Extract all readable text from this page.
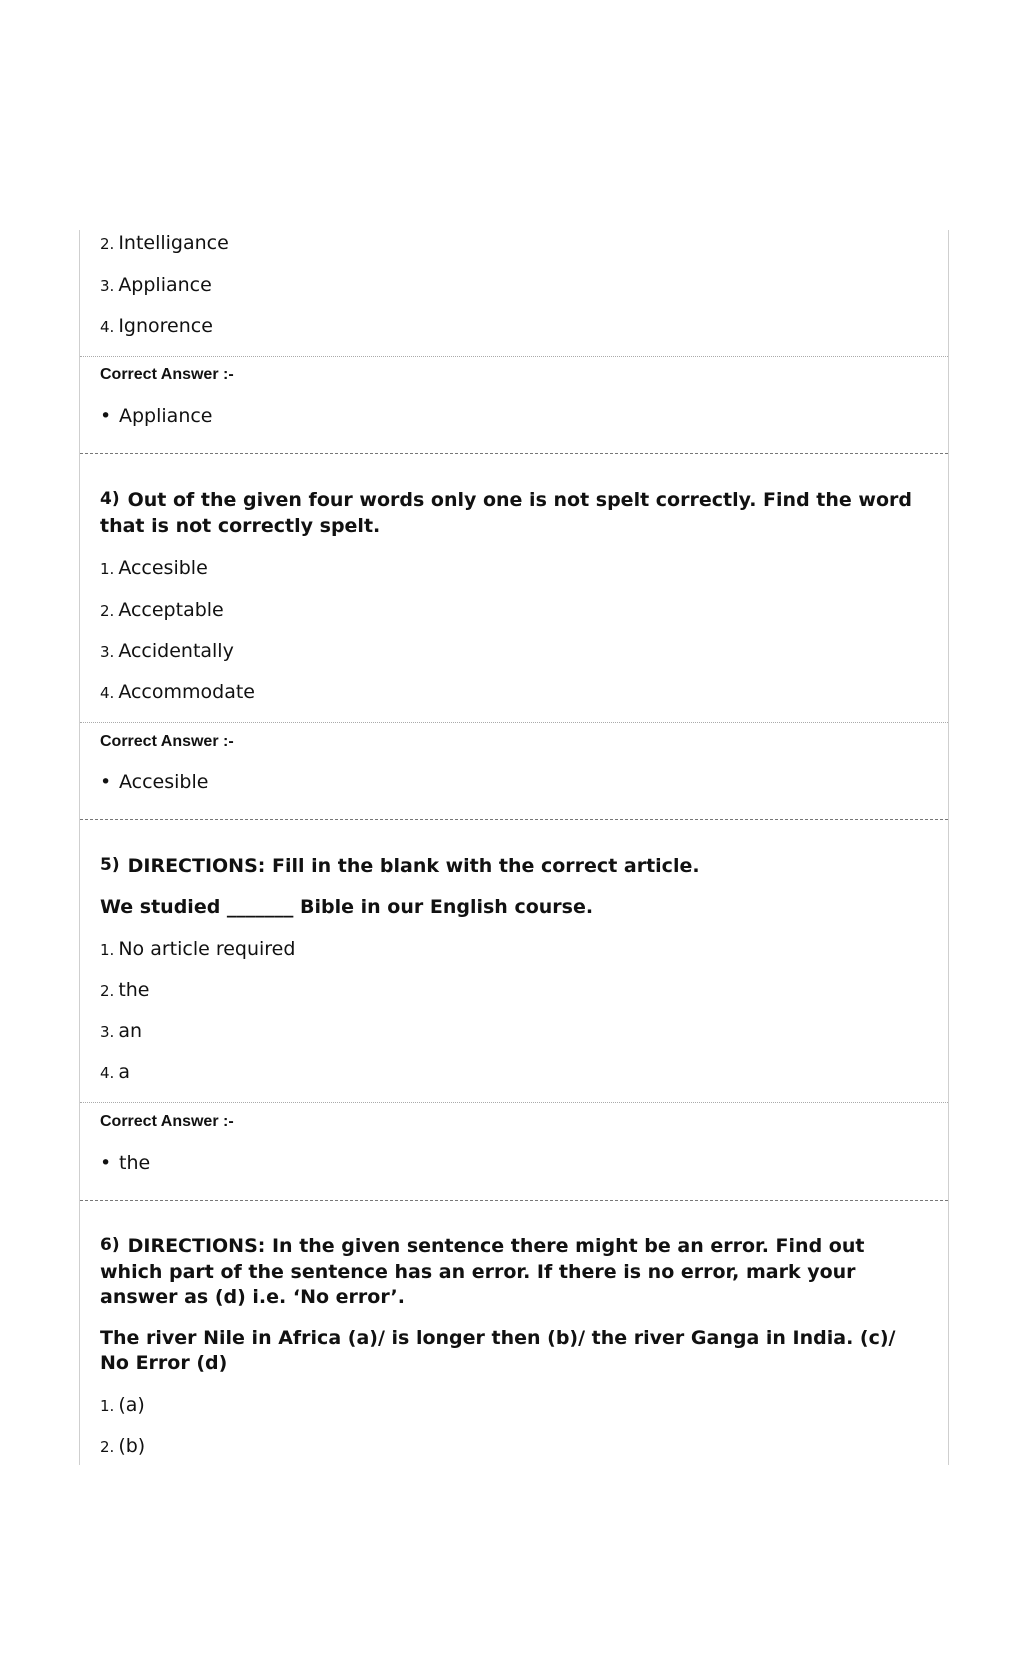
2. Intelligance
3. Appliance
4. Ignorence
Correct Answer :-
• Appliance
4) Out of the given four words only one is not spelt correctly. Find the word that is not correctly spelt.
1. Accesible
2. Acceptable
3. Accidentally
4. Accommodate
Correct Answer :-
• Accesible
5) DIRECTIONS: Fill in the blank with the correct article.
We studied _______ Bible in our English course.
1. No article required
2. the
3. an
4. a
Correct Answer :-
• the
6) DIRECTIONS: In the given sentence there might be an error. Find out which part of the sentence has an error. If there is no error, mark your answer as (d) i.e. ‘No error’.
The river Nile in Africa (a)/ is longer then (b)/ the river Ganga in India. (c)/ No Error (d)
1. (a)
2. (b)
